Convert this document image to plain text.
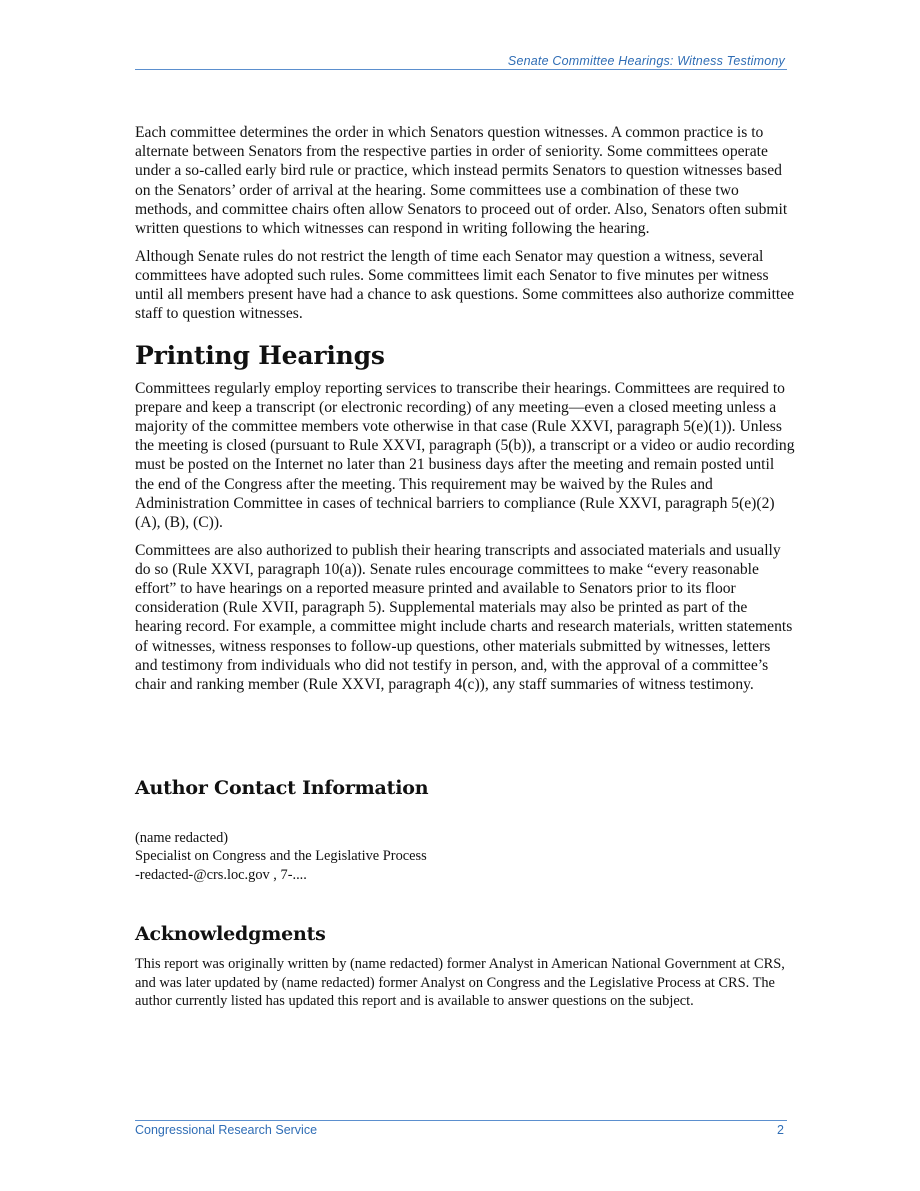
Senate Committee Hearings: Witness Testimony

Each committee determines the order in which Senators question witnesses. A common practice is to alternate between Senators from the respective parties in order of seniority. Some committees operate under a so-called early bird rule or practice, which instead permits Senators to question witnesses based on the Senators’ order of arrival at the hearing. Some committees use a combination of these two methods, and committee chairs often allow Senators to proceed out of order. Also, Senators often submit written questions to which witnesses can respond in writing following the hearing.

Although Senate rules do not restrict the length of time each Senator may question a witness, several committees have adopted such rules. Some committees limit each Senator to five minutes per witness until all members present have had a chance to ask questions. Some committees also authorize committee staff to question witnesses.

Printing Hearings

Committees regularly employ reporting services to transcribe their hearings. Committees are required to prepare and keep a transcript (or electronic recording) of any meeting—even a closed meeting unless a majority of the committee members vote otherwise in that case (Rule XXVI, paragraph 5(e)(1)). Unless the meeting is closed (pursuant to Rule XXVI, paragraph (5(b)), a transcript or a video or audio recording must be posted on the Internet no later than 21 business days after the meeting and remain posted until the end of the Congress after the meeting. This requirement may be waived by the Rules and Administration Committee in cases of technical barriers to compliance (Rule XXVI, paragraph 5(e)(2)(A), (B), (C)).

Committees are also authorized to publish their hearing transcripts and associated materials and usually do so (Rule XXVI, paragraph 10(a)). Senate rules encourage committees to make “every reasonable effort” to have hearings on a reported measure printed and available to Senators prior to its floor consideration (Rule XVII, paragraph 5). Supplemental materials may also be printed as part of the hearing record. For example, a committee might include charts and research materials, written statements of witnesses, witness responses to follow-up questions, other materials submitted by witnesses, letters and testimony from individuals who did not testify in person, and, with the approval of a committee’s chair and ranking member (Rule XXVI, paragraph 4(c)), any staff summaries of witness testimony.

Author Contact Information
(name redacted)
Specialist on Congress and the Legislative Process
-redacted-@crs.loc.gov , 7-....
Acknowledgments
This report was originally written by (name redacted) former Analyst in American National Government at CRS, and was later updated by (name redacted) former Analyst on Congress and the Legislative Process at CRS. The author currently listed has updated this report and is available to answer questions on the subject.
Congressional Research Service	2
